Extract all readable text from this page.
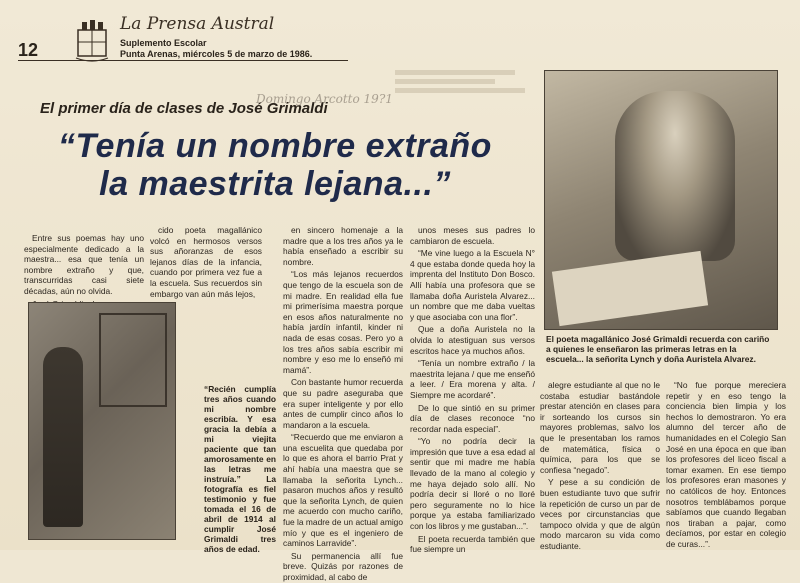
12
La Prensa Austral
Suplemento Escolar
Punta Arenas, miércoles 5 de marzo de 1986.
El primer día de clases de José Grimaldi
Domingo Arcotto 19?1
“Tenía un nombre extraño
la maestrita lejana...”

Entre sus poemas hay uno especialmente dedicado a la maestra... esa que tenía un nombre extraño y que, transcurridas casi siete décadas, aún no olvida.

cido poeta magallánico volcó en hermosos versos sus añoranzas de esos lejanos días de la infancia, cuando por primera vez fue a la escuela. Sus recuerdos sin embargo van aún más lejos,

en sincero homenaje a la madre que a los tres años ya le había enseñado a escribir su nombre.

“Los más lejanos recuerdos que tengo de la escuela son de mi madre. En realidad ella fue mi primerísima maestra porque en esos años naturalmente no había jardín infantil, kinder ni nada de esas cosas. Pero yo a los tres años sabía escribir mi nombre y eso me lo enseñó mi mamá”.

Con bastante humor recuerda que su padre aseguraba que era super inteligente y por ello antes de cumplir cinco años lo mandaron a la escuela.

“Recuerdo que me enviaron a una escuelita que quedaba por lo que es ahora el barrio Prat y ahí había una maestra que se llamaba la señorita Lynch... pasaron muchos años y resultó que la señorita Lynch, de quien me acuerdo con mucho cariño, fue la madre de un actual amigo mío y que es el ingeniero de caminos Larravide”.

Su permanencia allí fue breve. Quizás por razones de proximidad, al cabo de

unos meses sus padres lo cambiaron de escuela.

“Me vine luego a la Escuela N° 4 que estaba donde queda hoy la imprenta del Instituto Don Bosco. Allí había una profesora que se llamaba doña Auristela Alvarez... un nombre que me daba vueltas y que asociaba con una flor”.

Que a doña Auristela no la olvida lo atestiguan sus versos escritos hace ya muchos años.

“Tenía un nombre extraño / la maestrita lejana / que me enseñó a leer. / Era morena y alta. / Siempre me acordaré”.

De lo que sintió en su primer día de clases reconoce “no recordar nada especial”.

“Yo no podría decir la impresión que tuve a esa edad al sentir que mi madre me había llevado de la mano al colegio y me haya dejado solo allí. No podría decir si lloré o no lloré pero seguramente no lo hice porque ya estaba familiarizado con los libros y me gustaban...”.

El poeta recuerda también que fue siempre un

alegre estudiante al que no le costaba estudiar bastándole prestar atención en clases para ir sorteando los cursos sin mayores problemas, salvo los que le presentaban los ramos de matemática, física o química, para los que se confiesa “negado”.

Y pese a su condición de buen estudiante tuvo que sufrir la repetición de curso un par de veces por circunstancias que tampoco olvida y que de algún modo marcaron su vida como estudiante.

“No fue porque mereciera repetir y en eso tengo la conciencia bien limpia y los hechos lo demostraron. Yo era alumno del tercer año de humanidades en el Colegio San José en una época en que iban los profesores del liceo fiscal a tomar examen. En ese tiempo los profesores eran masones y no católicos de hoy. Entonces nosotros temblábamos porque sabíamos que cuando llegaban nos tiraban a pajar, como decíamos, por estar en colegio de curas...”.

“Recién cumplía tres años cuando mi nombre escribía. Y esa gracia la debía a mi viejita paciente que tan amorosamente en las letras me instruía.” La fotografía es fiel testimonio y fue tomada el 16 de abril de 1914 al cumplir José Grimaldi tres años de edad.
El poeta magallánico José Grimaldi recuerda con cariño a quienes le enseñaron las primeras letras en la escuela... la señorita Lynch y doña Auristela Alvarez.
